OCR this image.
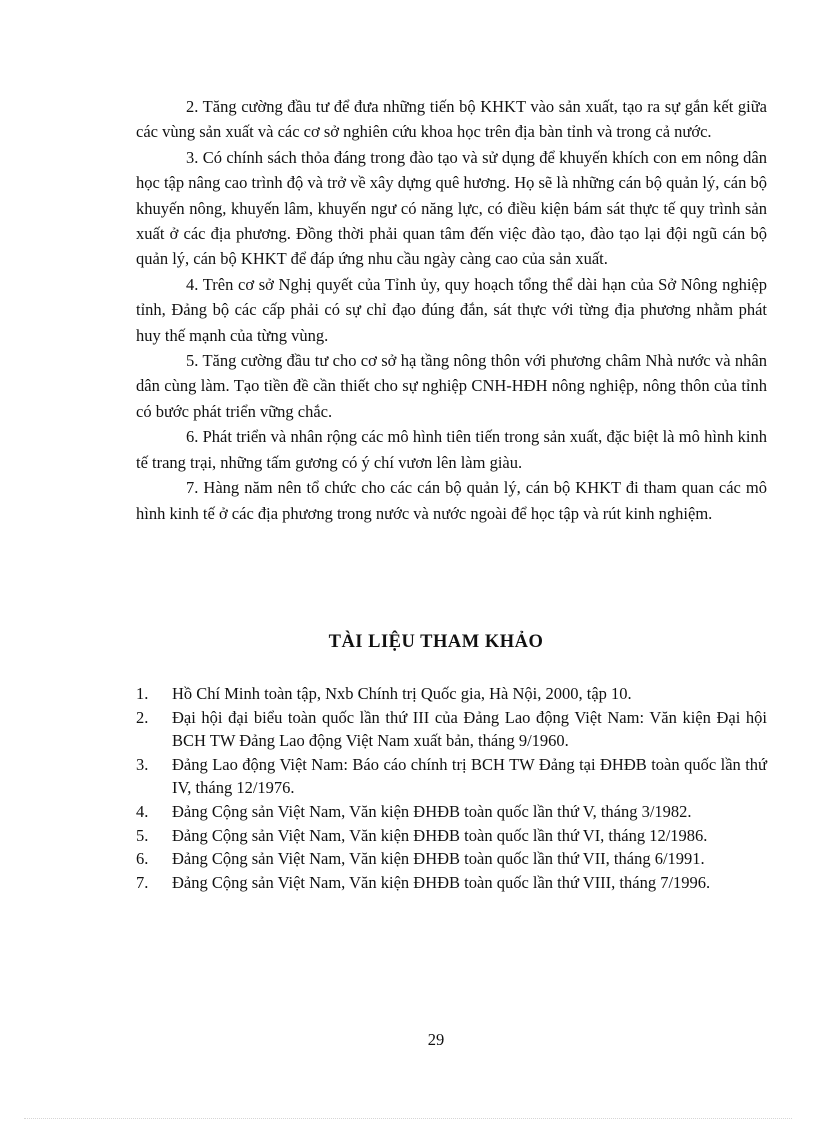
2. Tăng cường đầu tư để đưa những tiến bộ KHKT vào sản xuất, tạo ra sự gắn kết giữa các vùng sản xuất và các cơ sở nghiên cứu khoa học trên địa bàn tỉnh và trong cả nước.

3. Có chính sách thỏa đáng trong đào tạo và sử dụng để khuyến khích con em nông dân học tập nâng cao trình độ và trở về xây dựng quê hương. Họ sẽ là những cán bộ quản lý, cán bộ khuyến nông, khuyến lâm, khuyến ngư có năng lực, có điều kiện bám sát thực tế quy trình sản xuất ở các địa phương. Đồng thời phải quan tâm đến việc đào tạo, đào tạo lại đội ngũ cán bộ quản lý, cán bộ KHKT để đáp ứng nhu cầu ngày càng cao của sản xuất.

4. Trên cơ sở Nghị quyết của Tỉnh ủy, quy hoạch tổng thể dài hạn của Sở Nông nghiệp tỉnh, Đảng bộ các cấp phải có sự chỉ đạo đúng đắn, sát thực với từng địa phương nhằm phát huy thế mạnh của từng vùng.

5. Tăng cường đầu tư cho cơ sở hạ tầng nông thôn với phương châm Nhà nước và nhân dân cùng làm. Tạo tiền đề cần thiết cho sự nghiệp CNH-HĐH nông nghiệp, nông thôn của tỉnh có bước phát triển vững chắc.

6. Phát triển và nhân rộng các mô hình tiên tiến trong sản xuất, đặc biệt là mô hình kinh tế trang trại, những tấm gương có ý chí vươn lên làm giàu.

7. Hàng năm nên tổ chức cho các cán bộ quản lý, cán bộ KHKT đi tham quan các mô hình kinh tế ở các địa phương trong nước và nước ngoài để học tập và rút kinh nghiệm.

TÀI LIỆU THAM KHẢO
1.	Hồ Chí Minh toàn tập, Nxb Chính trị Quốc gia, Hà Nội, 2000, tập 10.
2.	Đại hội đại biểu toàn quốc lần thứ III của Đảng Lao động Việt Nam: Văn kiện Đại hội BCH TW Đảng Lao động Việt Nam xuất bản, tháng 9/1960.
3.	Đảng Lao động Việt Nam: Báo cáo chính trị BCH TW Đảng tại ĐHĐB toàn quốc lần thứ IV, tháng 12/1976.
4.	Đảng Cộng sản Việt Nam, Văn kiện ĐHĐB toàn quốc lần thứ V, tháng 3/1982.
5.	Đảng Cộng sản Việt Nam, Văn kiện ĐHĐB toàn quốc lần thứ VI, tháng 12/1986.
6.	Đảng Cộng sản Việt Nam, Văn kiện ĐHĐB toàn quốc lần thứ VII, tháng 6/1991.
7.	Đảng Cộng sản Việt Nam, Văn kiện ĐHĐB toàn quốc lần thứ VIII, tháng 7/1996.

29
